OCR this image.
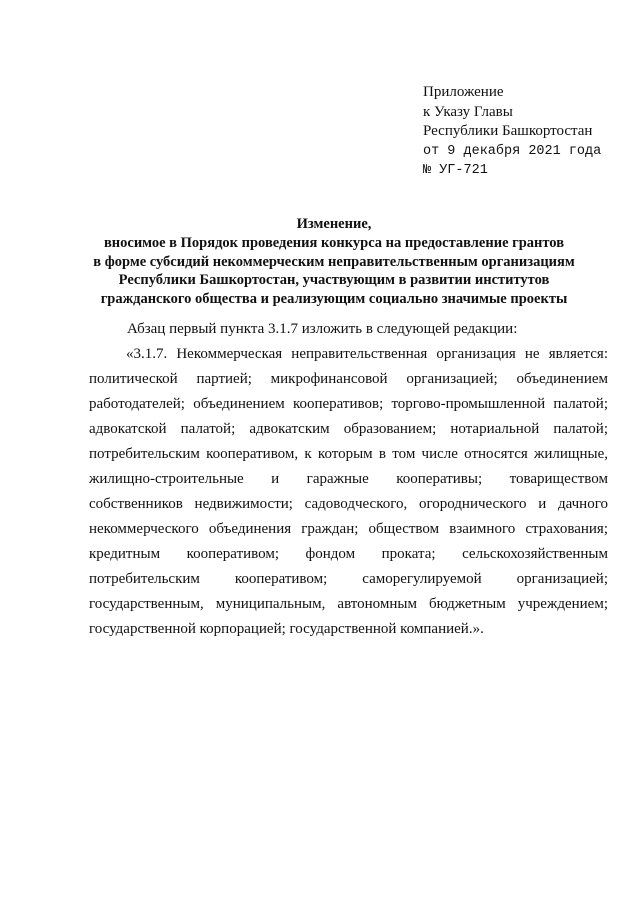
Приложение
к Указу Главы
Республики Башкортостан
от 9 декабря 2021 года
№ УГ-721
Изменение,
вносимое в Порядок проведения конкурса на предоставление грантов
в форме субсидий некоммерческим неправительственным организациям
Республики Башкортостан, участвующим в развитии институтов
гражданского общества и реализующим социально значимые проекты

Абзац первый пункта 3.1.7 изложить в следующей редакции:

«3.1.7. Некоммерческая неправительственная организация не является:
политической партией; микрофинансовой организацией; объединением
работодателей; объединением кооперативов; торгово-промышленной палатой;
адвокатской палатой; адвокатским образованием; нотариальной палатой;
потребительским кооперативом, к которым в том числе относятся жилищные,
жилищно-строительные и гаражные кооперативы; товариществом
собственников недвижимости; садоводческого, огороднического и дачного
некоммерческого объединения граждан; обществом взаимного страхования;
кредитным кооперативом; фондом проката; сельскохозяйственным
потребительским кооперативом; саморегулируемой организацией;
государственным, муниципальным, автономным бюджетным учреждением;
государственной корпорацией; государственной компанией.».
